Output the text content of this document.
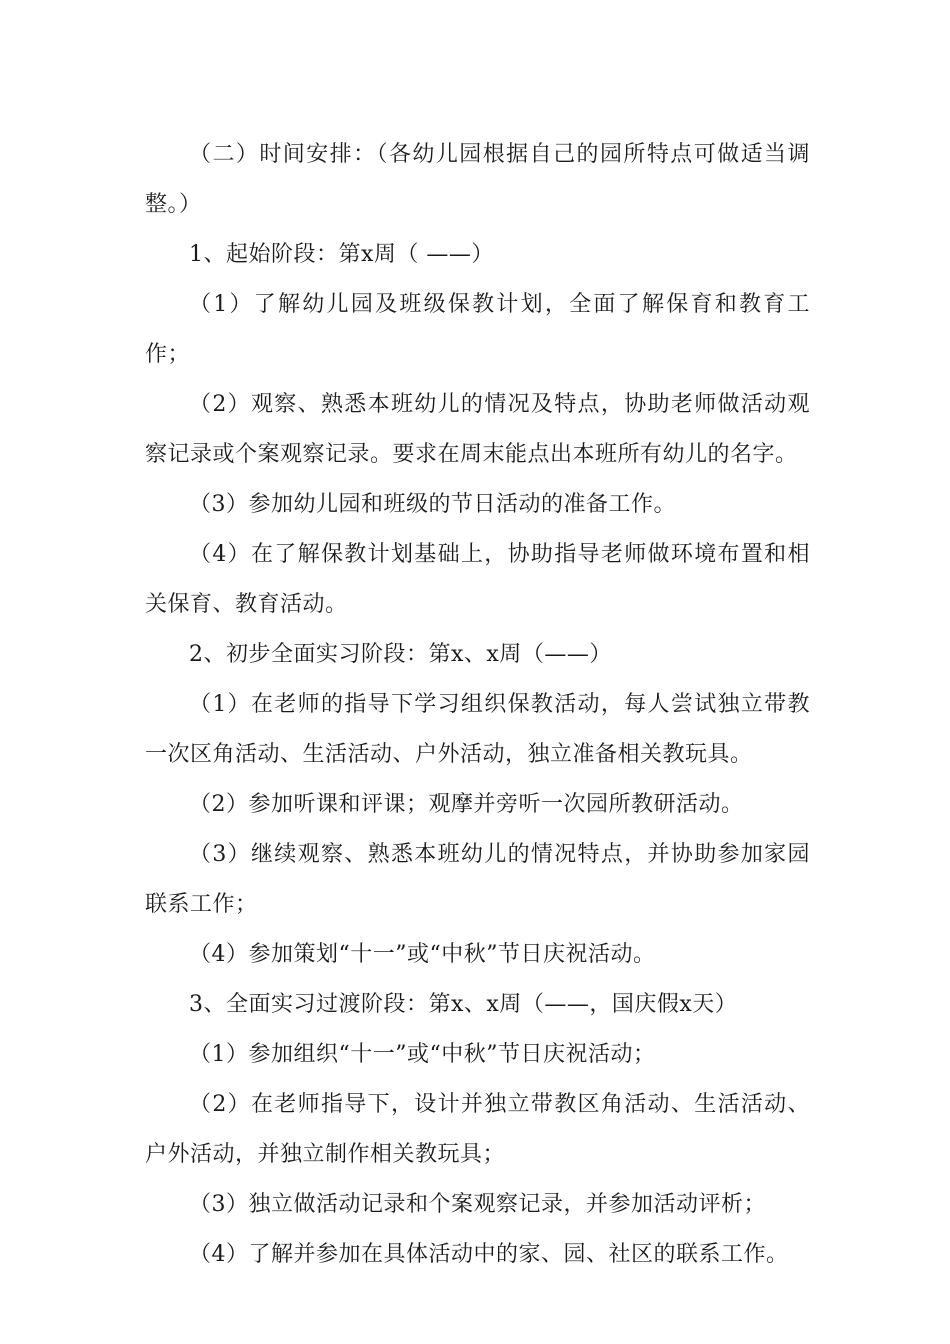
（二）时间安排：（各幼儿园根据自己的园所特点可做适当调整。）

1、起始阶段：第x周（ ——）

（1）了解幼儿园及班级保教计划，全面了解保育和教育工作；

（2）观察、熟悉本班幼儿的情况及特点，协助老师做活动观察记录或个案观察记录。要求在周末能点出本班所有幼儿的名字。

（3）参加幼儿园和班级的节日活动的准备工作。

（4）在了解保教计划基础上，协助指导老师做环境布置和相关保育、教育活动。

2、初步全面实习阶段：第x、x周（——）

（1）在老师的指导下学习组织保教活动，每人尝试独立带教一次区角活动、生活活动、户外活动，独立准备相关教玩具。

（2）参加听课和评课；观摩并旁听一次园所教研活动。

（3）继续观察、熟悉本班幼儿的情况特点，并协助参加家园联系工作；

（4）参加策划“十一”或“中秋”节日庆祝活动。

3、全面实习过渡阶段：第x、x周（——，国庆假x天）

（1）参加组织“十一”或“中秋”节日庆祝活动；

（2）在老师指导下，设计并独立带教区角活动、生活活动、户外活动，并独立制作相关教玩具；

（3）独立做活动记录和个案观察记录，并参加活动评析；

（4）了解并参加在具体活动中的家、园、社区的联系工作。
